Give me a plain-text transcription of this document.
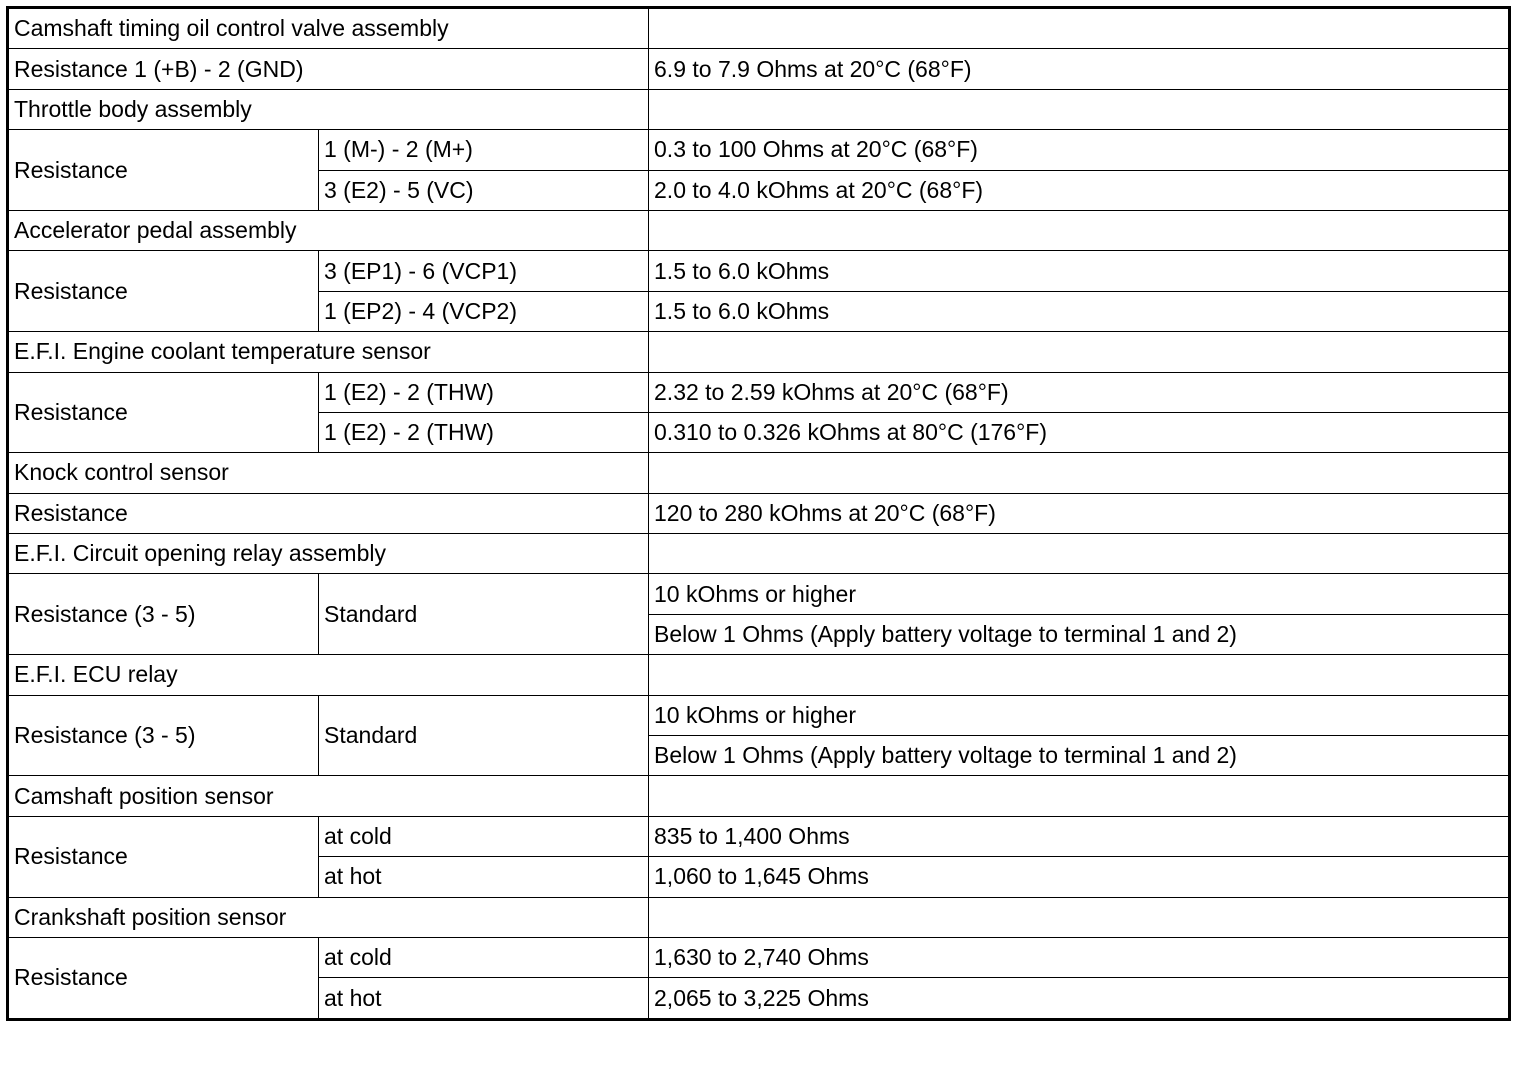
Camshaft timing oil control valve assembly		
Resistance 1 (+B) - 2 (GND)		6.9 to 7.9 Ohms at 20°C (68°F)
Throttle body assembly		
Resistance	1 (M-) - 2 (M+)	0.3 to 100 Ohms at 20°C (68°F)
	3 (E2) - 5 (VC)	2.0 to 4.0 kOhms at 20°C (68°F)
Accelerator pedal assembly		
Resistance	3 (EP1) - 6 (VCP1)	1.5 to 6.0 kOhms
	1 (EP2) - 4 (VCP2)	1.5 to 6.0 kOhms
E.F.I. Engine coolant temperature sensor		
Resistance	1 (E2) - 2 (THW)	2.32 to 2.59 kOhms at 20°C (68°F)
	1 (E2) - 2 (THW)	0.310 to 0.326 kOhms at 80°C (176°F)
Knock control sensor		
Resistance		120 to 280 kOhms at 20°C (68°F)
E.F.I. Circuit opening relay assembly		
Resistance (3 - 5)	Standard	10 kOhms or higher
		Below 1 Ohms (Apply battery voltage to terminal 1 and 2)
E.F.I. ECU relay		
Resistance (3 - 5)	Standard	10 kOhms or higher
		Below 1 Ohms (Apply battery voltage to terminal 1 and 2)
Camshaft position sensor		
Resistance	at cold	835 to 1,400 Ohms
	at hot	1,060 to 1,645 Ohms
Crankshaft position sensor		
Resistance	at cold	1,630 to 2,740 Ohms
	at hot	2,065 to 3,225 Ohms
